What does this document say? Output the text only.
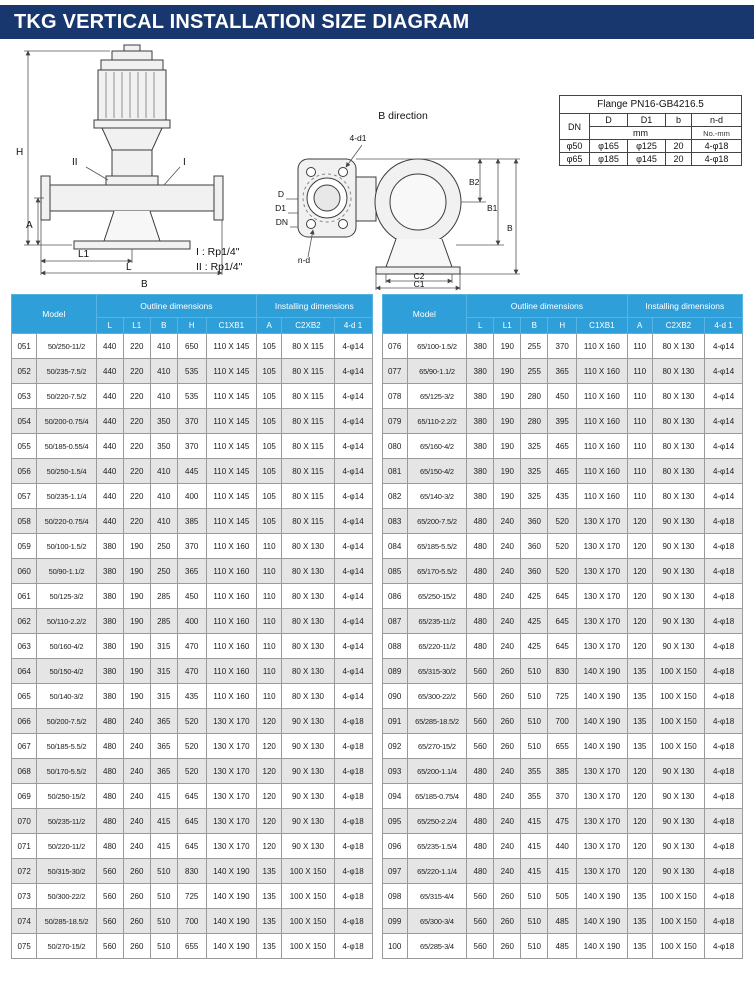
TKG VERTICAL INSTALLATION SIZE DIAGRAM
H
A
L1
L
B
II	I
B direction
4-d1
n-d
D
D1
DN
B2
B1
B
C2
C1
I : Rp1/4"
II : Rp1/4"
Flange PN16-GB4216.5				
DN	D	D1	b	n-d
	mm			No.-mm
φ50	φ165	φ125	20	4-φ18
φ65	φ185	φ145	20	4-φ18
Model		Outline dimensions					Installing dimensions		
		L	L1	B	H	C1XB1	A	C2XB2	4-d 1
051	50/250-11/2	440	220	410	650	110 X 145	105	80 X 115	4-φ14
052	50/235-7.5/2	440	220	410	535	110 X 145	105	80 X 115	4-φ14
053	50/220-7.5/2	440	220	410	535	110 X 145	105	80 X 115	4-φ14
054	50/200-0.75/4	440	220	350	370	110 X 145	105	80 X 115	4-φ14
055	50/185-0.55/4	440	220	350	370	110 X 145	105	80 X 115	4-φ14
056	50/250-1.5/4	440	220	410	445	110 X 145	105	80 X 115	4-φ14
057	50/235-1.1/4	440	220	410	400	110 X 145	105	80 X 115	4-φ14
058	50/220-0.75/4	440	220	410	385	110 X 145	105	80 X 115	4-φ14
059	50/100-1.5/2	380	190	250	370	110 X 160	110	80 X 130	4-φ14
060	50/90-1.1/2	380	190	250	365	110 X 160	110	80 X 130	4-φ14
061	50/125-3/2	380	190	285	450	110 X 160	110	80 X 130	4-φ14
062	50/110-2.2/2	380	190	285	400	110 X 160	110	80 X 130	4-φ14
063	50/160-4/2	380	190	315	470	110 X 160	110	80 X 130	4-φ14
064	50/150-4/2	380	190	315	470	110 X 160	110	80 X 130	4-φ14
065	50/140-3/2	380	190	315	435	110 X 160	110	80 X 130	4-φ14
066	50/200-7.5/2	480	240	365	520	130 X 170	120	90 X 130	4-φ18
067	50/185-5.5/2	480	240	365	520	130 X 170	120	90 X 130	4-φ18
068	50/170-5.5/2	480	240	365	520	130 X 170	120	90 X 130	4-φ18
069	50/250-15/2	480	240	415	645	130 X 170	120	90 X 130	4-φ18
070	50/235-11/2	480	240	415	645	130 X 170	120	90 X 130	4-φ18
071	50/220-11/2	480	240	415	645	130 X 170	120	90 X 130	4-φ18
072	50/315-30/2	560	260	510	830	140 X 190	135	100 X 150	4-φ18
073	50/300-22/2	560	260	510	725	140 X 190	135	100 X 150	4-φ18
074	50/285-18.5/2	560	260	510	700	140 X 190	135	100 X 150	4-φ18
075	50/270-15/2	560	260	510	655	140 X 190	135	100 X 150	4-φ18
Model		Outline dimensions					Installing dimensions		
		L	L1	B	H	C1XB1	A	C2XB2	4-d 1
076	65/100-1.5/2	380	190	255	370	110 X 160	110	80 X 130	4-φ14
077	65/90-1.1/2	380	190	255	365	110 X 160	110	80 X 130	4-φ14
078	65/125-3/2	380	190	280	450	110 X 160	110	80 X 130	4-φ14
079	65/110-2.2/2	380	190	280	395	110 X 160	110	80 X 130	4-φ14
080	65/160-4/2	380	190	325	465	110 X 160	110	80 X 130	4-φ14
081	65/150-4/2	380	190	325	465	110 X 160	110	80 X 130	4-φ14
082	65/140-3/2	380	190	325	435	110 X 160	110	80 X 130	4-φ14
083	65/200-7.5/2	480	240	360	520	130 X 170	120	90 X 130	4-φ18
084	65/185-5.5/2	480	240	360	520	130 X 170	120	90 X 130	4-φ18
085	65/170-5.5/2	480	240	360	520	130 X 170	120	90 X 130	4-φ18
086	65/250-15/2	480	240	425	645	130 X 170	120	90 X 130	4-φ18
087	65/235-11/2	480	240	425	645	130 X 170	120	90 X 130	4-φ18
088	65/220-11/2	480	240	425	645	130 X 170	120	90 X 130	4-φ18
089	65/315-30/2	560	260	510	830	140 X 190	135	100 X 150	4-φ18
090	65/300-22/2	560	260	510	725	140 X 190	135	100 X 150	4-φ18
091	65/285-18.5/2	560	260	510	700	140 X 190	135	100 X 150	4-φ18
092	65/270-15/2	560	260	510	655	140 X 190	135	100 X 150	4-φ18
093	65/200-1.1/4	480	240	355	385	130 X 170	120	90 X 130	4-φ18
094	65/185-0.75/4	480	240	355	370	130 X 170	120	90 X 130	4-φ18
095	65/250-2.2/4	480	240	415	475	130 X 170	120	90 X 130	4-φ18
096	65/235-1.5/4	480	240	415	440	130 X 170	120	90 X 130	4-φ18
097	65/220-1.1/4	480	240	415	415	130 X 170	120	90 X 130	4-φ18
098	65/315-4/4	560	260	510	505	140 X 190	135	100 X 150	4-φ18
099	65/300-3/4	560	260	510	485	140 X 190	135	100 X 150	4-φ18
100	65/285-3/4	560	260	510	485	140 X 190	135	100 X 150	4-φ18
